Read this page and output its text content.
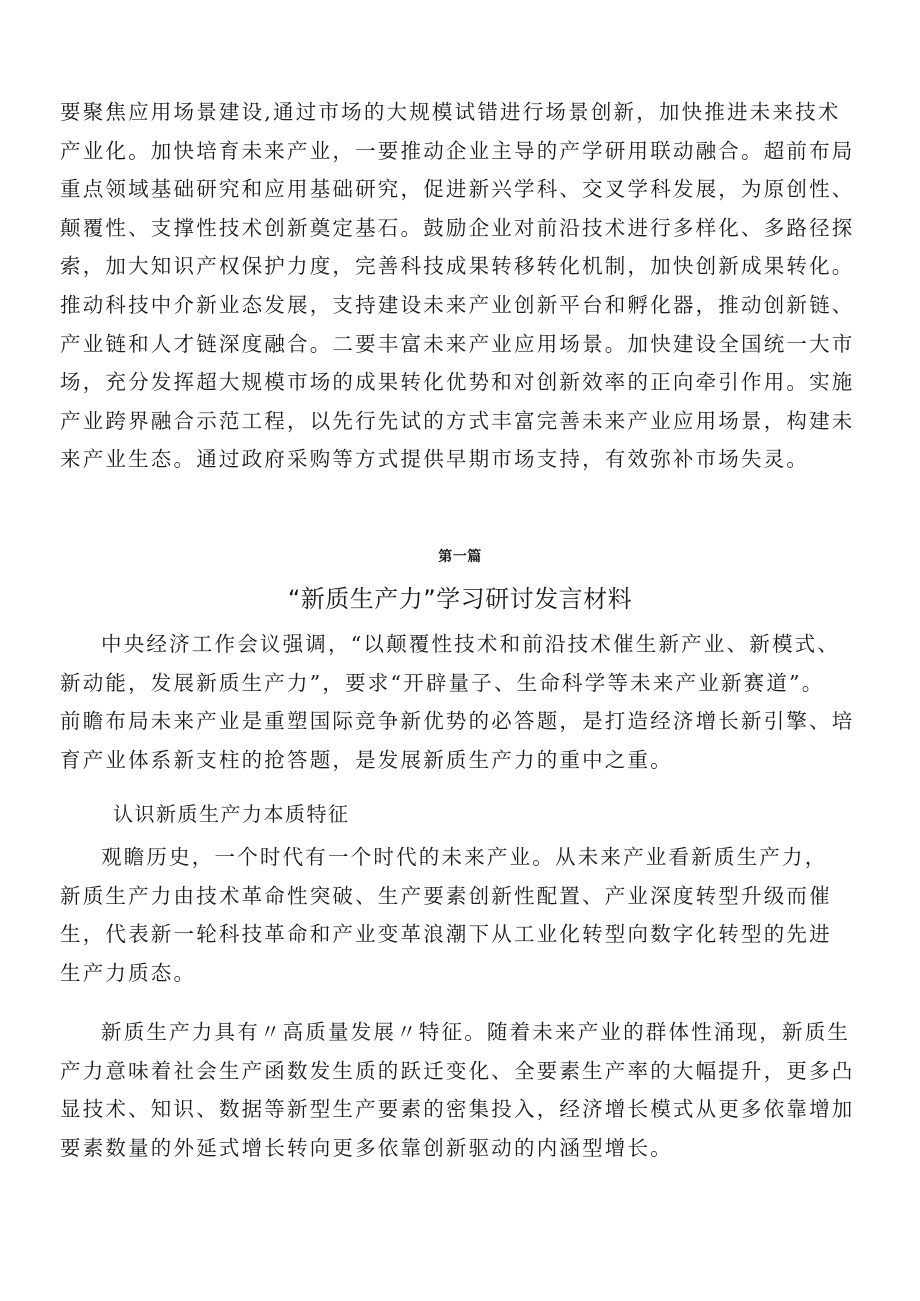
要聚焦应用场景建设,通过市场的大规模试错进行场景创新，加快推进未来技术
产业化。加快培育未来产业，一要推动企业主导的产学研用联动融合。超前布局
重点领域基础研究和应用基础研究，促进新兴学科、交叉学科发展，为原创性、
颠覆性、支撑性技术创新奠定基石。鼓励企业对前沿技术进行多样化、多路径探
索，加大知识产权保护力度，完善科技成果转移转化机制，加快创新成果转化。
推动科技中介新业态发展，支持建设未来产业创新平台和孵化器，推动创新链、
产业链和人才链深度融合。二要丰富未来产业应用场景。加快建设全国统一大市
场，充分发挥超大规模市场的成果转化优势和对创新效率的正向牵引作用。实施
产业跨界融合示范工程，以先行先试的方式丰富完善未来产业应用场景，构建未
来产业生态。通过政府采购等方式提供早期市场支持，有效弥补市场失灵。

第一篇
“新质生产力”学习研讨发言材料

中央经济工作会议强调，“以颠覆性技术和前沿技术催生新产业、新模式、
新动能，发展新质生产力”，要求“开辟量子、生命科学等未来产业新赛道”。
前瞻布局未来产业是重塑国际竞争新优势的必答题，是打造经济增长新引擎、培
育产业体系新支柱的抢答题，是发展新质生产力的重中之重。

认识新质生产力本质特征

观瞻历史，一个时代有一个时代的未来产业。从未来产业看新质生产力，
新质生产力由技术革命性突破、生产要素创新性配置、产业深度转型升级而催
生，代表新一轮科技革命和产业变革浪潮下从工业化转型向数字化转型的先进
生产力质态。

新质生产力具有〃高质量发展〃特征。随着未来产业的群体性涌现，新质生
产力意味着社会生产函数发生质的跃迁变化、全要素生产率的大幅提升，更多凸
显技术、知识、数据等新型生产要素的密集投入，经济增长模式从更多依靠增加
要素数量的外延式增长转向更多依靠创新驱动的内涵型增长。
